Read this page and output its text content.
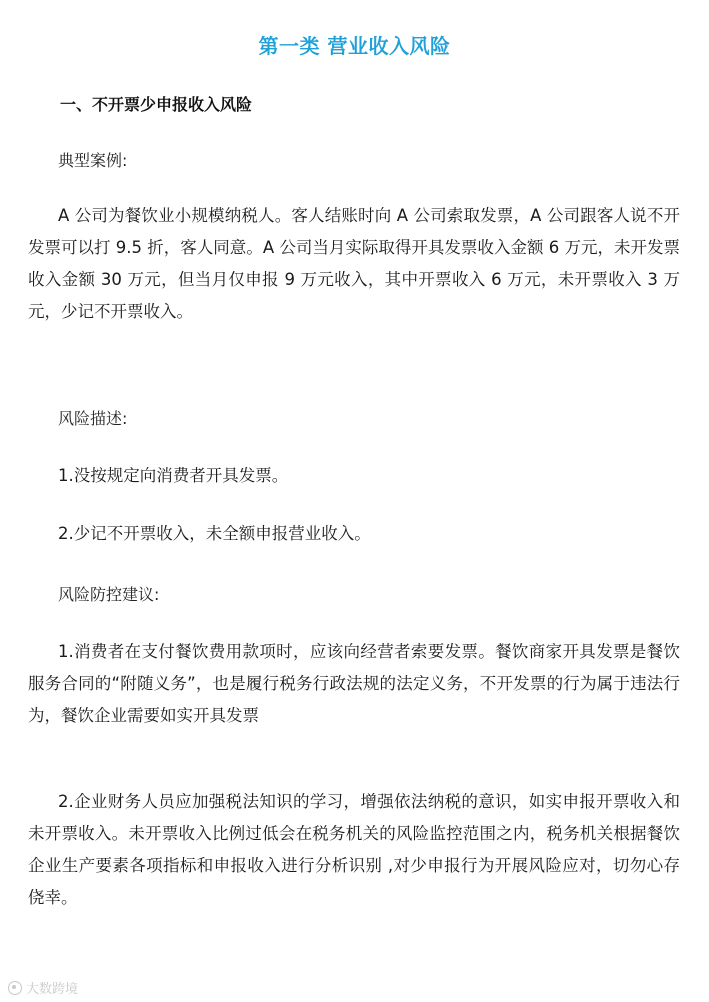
第一类 营业收入风险
一、不开票少申报收入风险
典型案例:
A 公司为餐饮业小规模纳税人。客人结账时向 A 公司索取发票，A 公司跟客人说不开发票可以打 9.5 折，客人同意。A 公司当月实际取得开具发票收入金额 6 万元，未开发票收入金额 30 万元，但当月仅申报 9 万元收入，其中开票收入 6 万元，未开票收入 3 万元，少记不开票收入。
风险描述:
1.没按规定向消费者开具发票。
2.少记不开票收入，未全额申报营业收入。
风险防控建议:
1.消费者在支付餐饮费用款项时，应该向经营者索要发票。餐饮商家开具发票是餐饮服务合同的“附随义务”，也是履行税务行政法规的法定义务，不开发票的行为属于违法行为，餐饮企业需要如实开具发票
2.企业财务人员应加强税法知识的学习，增强依法纳税的意识，如实申报开票收入和未开票收入。未开票收入比例过低会在税务机关的风险监控范围之内，税务机关根据餐饮企业生产要素各项指标和申报收入进行分析识别 ,对少申报行为开展风险应对，切勿心存侥幸。
大数跨境
